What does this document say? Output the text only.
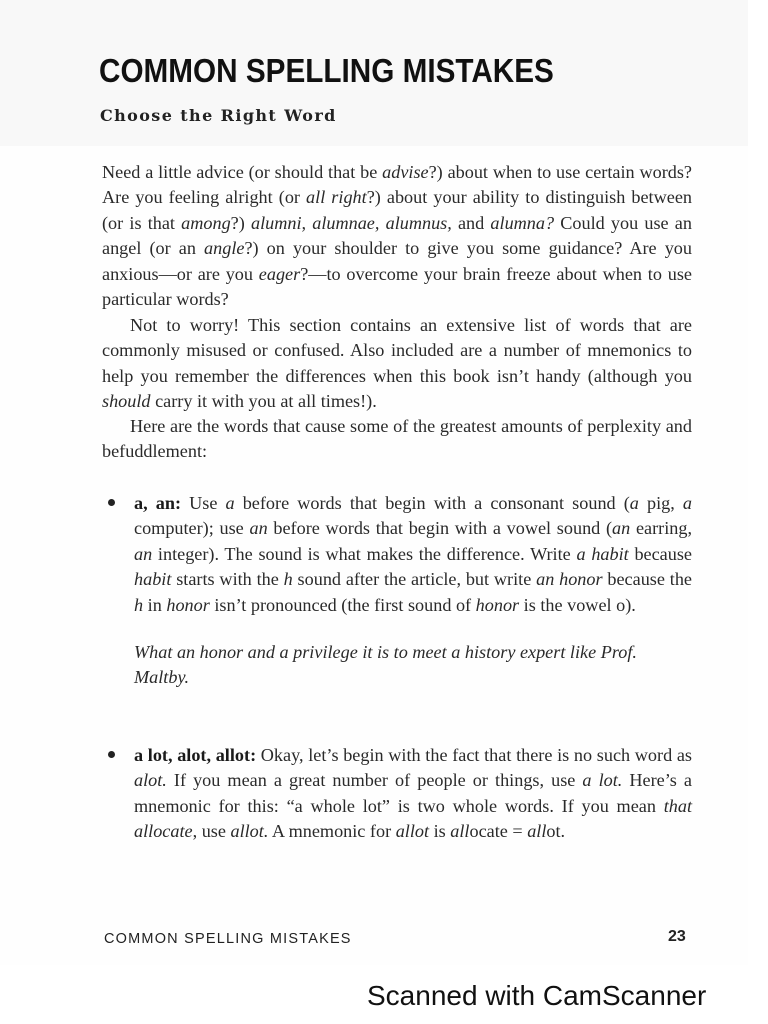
COMMON SPELLING MISTAKES
Choose the Right Word

Need a little advice (or should that be advise?) about when to use certain words? Are you feeling alright (or all right?) about your ability to distinguish between (or is that among?) alumni, alumnae, alumnus, and alumna? Could you use an angel (or an angle?) on your shoulder to give you some guidance? Are you anxious—or are you eager?—to overcome your brain freeze about when to use particular words?

Not to worry! This section contains an extensive list of words that are commonly misused or confused. Also included are a number of mnemonics to help you remember the differences when this book isn’t handy (although you should carry it with you at all times!).

Here are the words that cause some of the greatest amounts of perplexity and befuddlement:

a, an: Use a before words that begin with a consonant sound (a pig, a computer); use an before words that begin with a vowel sound (an earring, an integer). The sound is what makes the difference. Write a habit because habit starts with the h sound after the article, but write an honor because the h in honor isn’t pronounced (the first sound of honor is the vowel o).

What an honor and a privilege it is to meet a history expert like Prof. Maltby.

a lot, alot, allot: Okay, let’s begin with the fact that there is no such word as alot. If you mean a great number of people or things, use a lot. Here’s a mnemonic for this: “a whole lot” is two whole words. If you mean that allocate, use allot. A mnemonic for allot is allocate = allot.

COMMON SPELLING MISTAKES	23

Scanned with CamScanner
